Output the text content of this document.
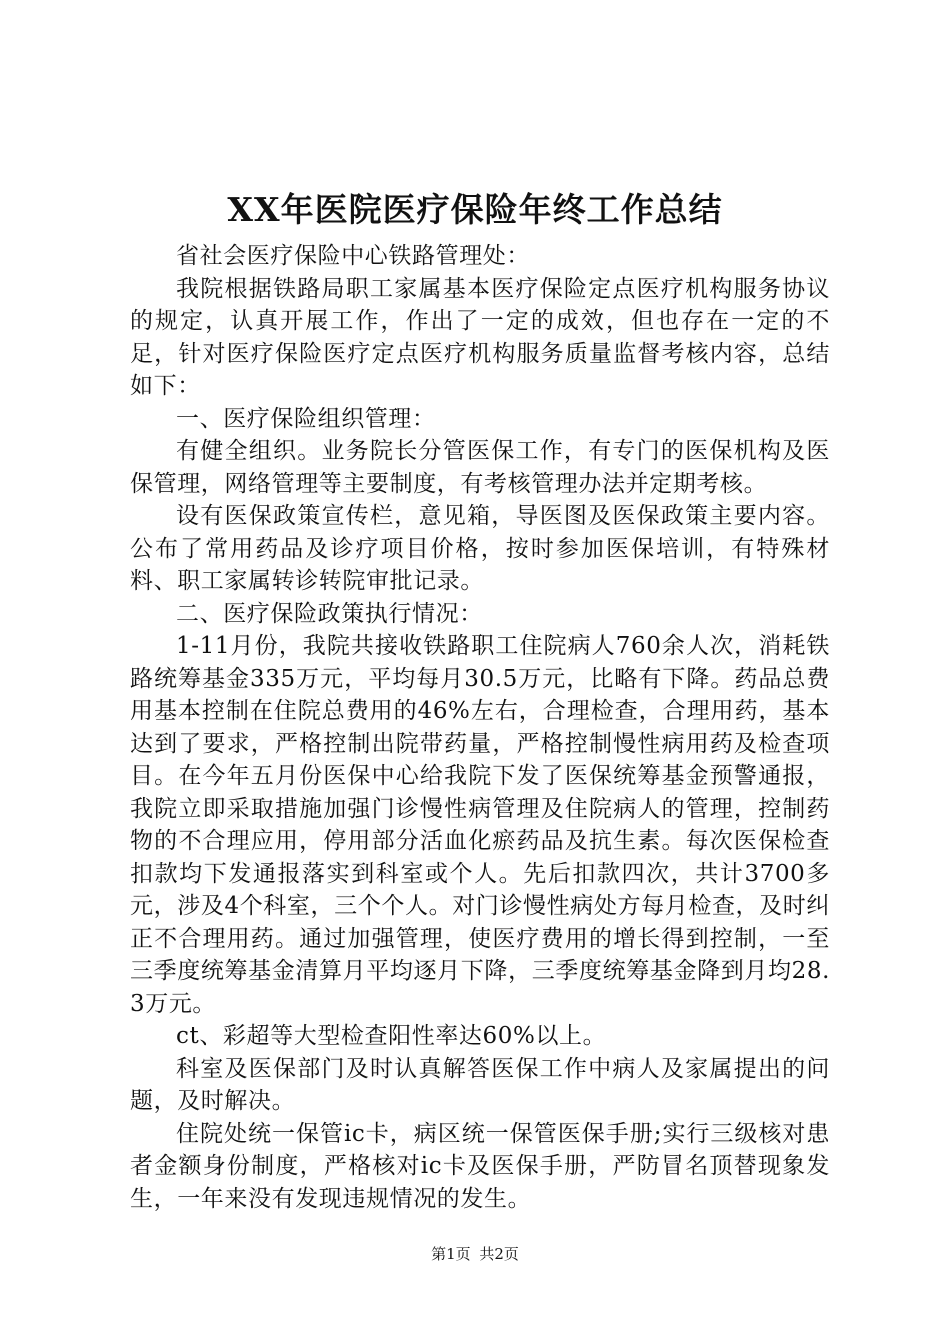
XX年医院医疗保险年终工作总结

省社会医疗保险中心铁路管理处：

我院根据铁路局职工家属基本医疗保险定点医疗机构服务协议的规定，认真开展工作，作出了一定的成效，但也存在一定的不足，针对医疗保险医疗定点医疗机构服务质量监督考核内容，总结如下：

一、医疗保险组织管理：

有健全组织。业务院长分管医保工作，有专门的医保机构及医保管理，网络管理等主要制度，有考核管理办法并定期考核。

设有医保政策宣传栏，意见箱，导医图及医保政策主要内容。公布了常用药品及诊疗项目价格，按时参加医保培训，有特殊材料、职工家属转诊转院审批记录。

二、医疗保险政策执行情况：

1-11月份，我院共接收铁路职工住院病人760余人次，消耗铁路统筹基金335万元，平均每月30.5万元，比略有下降。药品总费用基本控制在住院总费用的46%左右，合理检查，合理用药，基本达到了要求，严格控制出院带药量，严格控制慢性病用药及检查项目。在今年五月份医保中心给我院下发了医保统筹基金预警通报，我院立即采取措施加强门诊慢性病管理及住院病人的管理，控制药物的不合理应用，停用部分活血化瘀药品及抗生素。每次医保检查扣款均下发通报落实到科室或个人。先后扣款四次，共计3700多元，涉及4个科室，三个个人。对门诊慢性病处方每月检查，及时纠正不合理用药。通过加强管理，使医疗费用的增长得到控制，一至三季度统筹基金清算月平均逐月下降，三季度统筹基金降到月均28.3万元。

ct、彩超等大型检查阳性率达60%以上。

科室及医保部门及时认真解答医保工作中病人及家属提出的问题，及时解决。

住院处统一保管ic卡，病区统一保管医保手册;实行三级核对患者金额身份制度，严格核对ic卡及医保手册，严防冒名顶替现象发生，一年来没有发现违规情况的发生。

第1页 共2页
